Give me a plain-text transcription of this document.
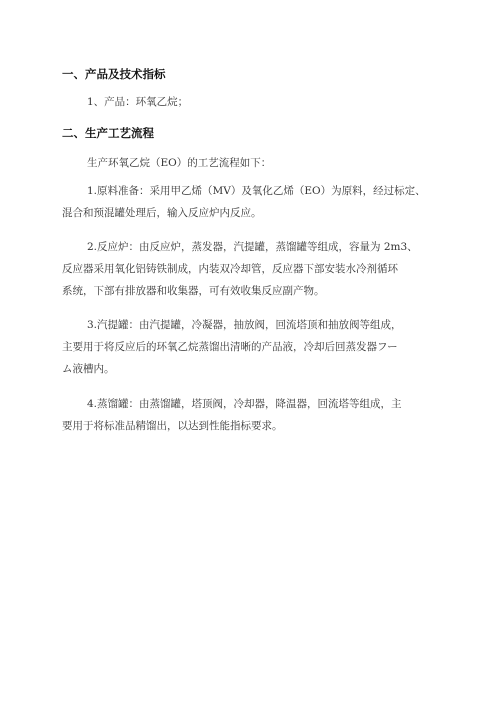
一、产品及技术指标
1、产品：环氧乙烷；
二、生产工艺流程
生产环氧乙烷（EO）的工艺流程如下：
1.原料准备：采用甲乙烯（MV）及氧化乙烯（EO）为原料，经过标定、
混合和预混罐处理后，输入反应炉内反应。
2.反应炉：由反应炉，蒸发器，汽提罐，蒸馏罐等组成，容量为 2m3、
反应器采用氧化铝铸铁制成，内装双冷却管，反应器下部安装水冷剂循环
系统，下部有排放器和收集器，可有效收集反应副产物。
3.汽提罐：由汽提罐，冷凝器，抽放阀，回流塔顶和抽放阀等组成，
主要用于将反应后的环氧乙烷蒸馏出清晰的产品液，冷却后回蒸发器フー
ム液槽内。
4.蒸馏罐：由蒸馏罐，塔顶阀，冷却器，降温器，回流塔等组成，主
要用于将标准品精馏出，以达到性能指标要求。
